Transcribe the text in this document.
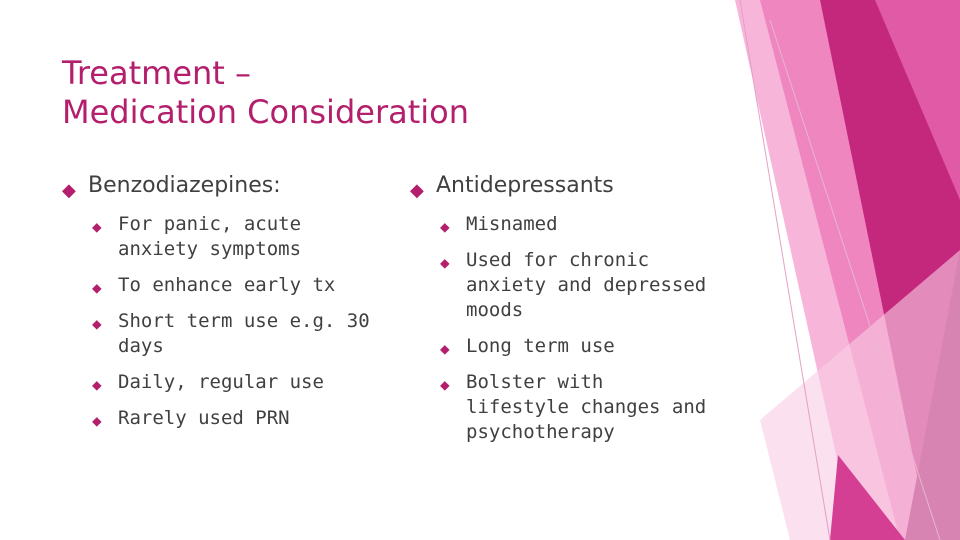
Treatment –
Medication Consideration
◆ Benzodiazepines:
◆ For panic, acute anxiety symptoms
◆ To enhance early tx
◆ Short term use e.g. 30 days
◆ Daily, regular use
◆ Rarely used PRN
◆ Antidepressants
◆ Misnamed
◆ Used for chronic anxiety and depressed moods
◆ Long term use
◆ Bolster with lifestyle changes and psychotherapy
